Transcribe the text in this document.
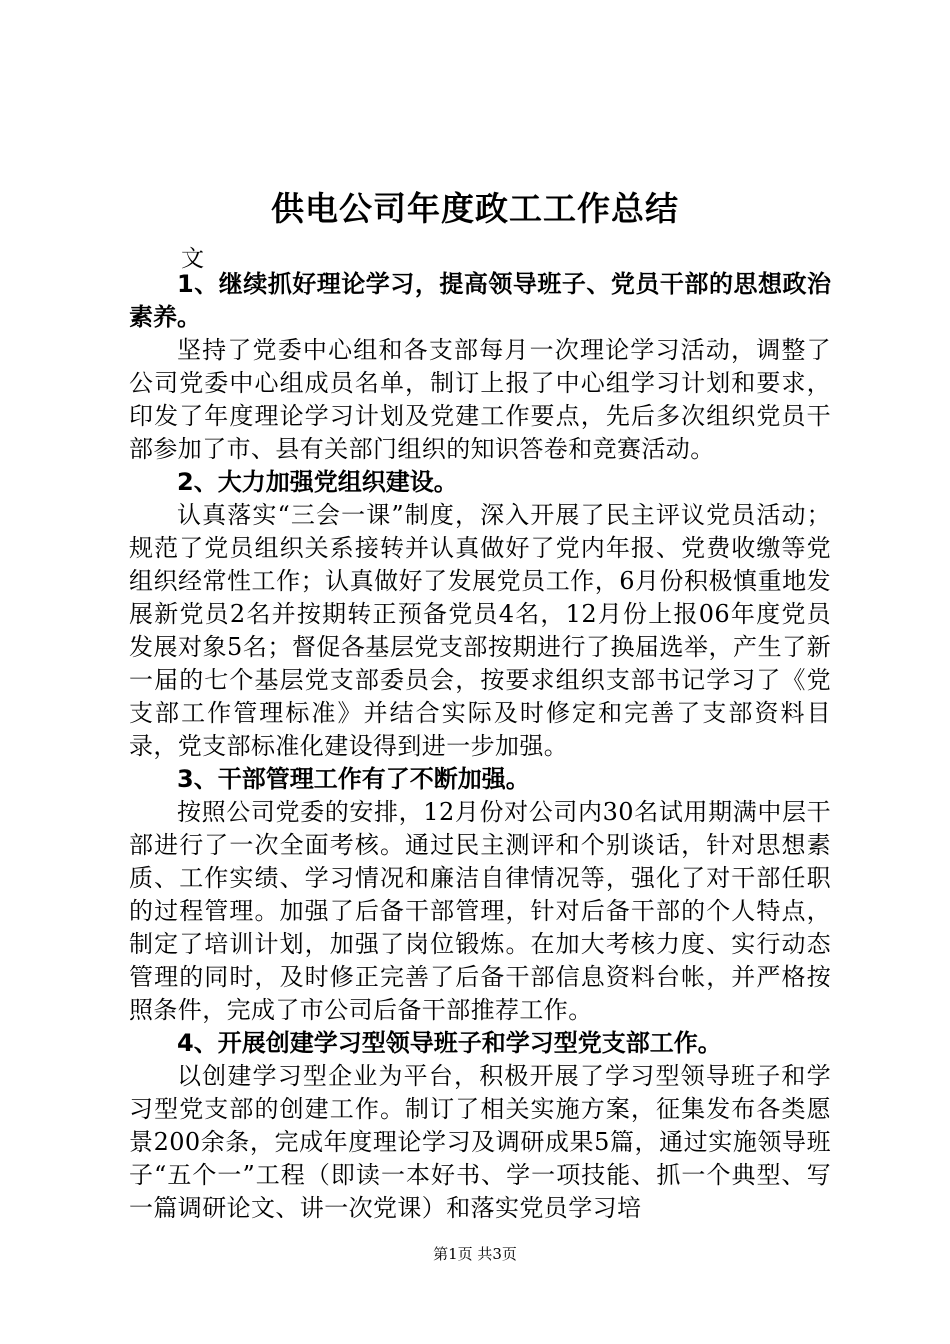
供电公司年度政工工作总结
文

1、继续抓好理论学习，提高领导班子、党员干部的思想政治素养。

坚持了党委中心组和各支部每月一次理论学习活动，调整了公司党委中心组成员名单，制订上报了中心组学习计划和要求，印发了年度理论学习计划及党建工作要点，先后多次组织党员干部参加了市、县有关部门组织的知识答卷和竞赛活动。

2、大力加强党组织建设。

认真落实“三会一课”制度，深入开展了民主评议党员活动；规范了党员组织关系接转并认真做好了党内年报、党费收缴等党组织经常性工作；认真做好了发展党员工作，6月份积极慎重地发展新党员2名并按期转正预备党员4名，12月份上报06年度党员发展对象5名；督促各基层党支部按期进行了换届选举，产生了新一届的七个基层党支部委员会，按要求组织支部书记学习了《党支部工作管理标准》并结合实际及时修定和完善了支部资料目录，党支部标准化建设得到进一步加强。

3、干部管理工作有了不断加强。

按照公司党委的安排，12月份对公司内30名试用期满中层干部进行了一次全面考核。通过民主测评和个别谈话，针对思想素质、工作实绩、学习情况和廉洁自律情况等，强化了对干部任职的过程管理。加强了后备干部管理，针对后备干部的个人特点，制定了培训计划，加强了岗位锻炼。在加大考核力度、实行动态管理的同时，及时修正完善了后备干部信息资料台帐，并严格按照条件，完成了市公司后备干部推荐工作。

4、开展创建学习型领导班子和学习型党支部工作。

以创建学习型企业为平台，积极开展了学习型领导班子和学习型党支部的创建工作。制订了相关实施方案，征集发布各类愿景200余条，完成年度理论学习及调研成果5篇，通过实施领导班子“五个一”工程（即读一本好书、学一项技能、抓一个典型、写一篇调研论文、讲一次党课）和落实党员学习培

第1页 共3页
